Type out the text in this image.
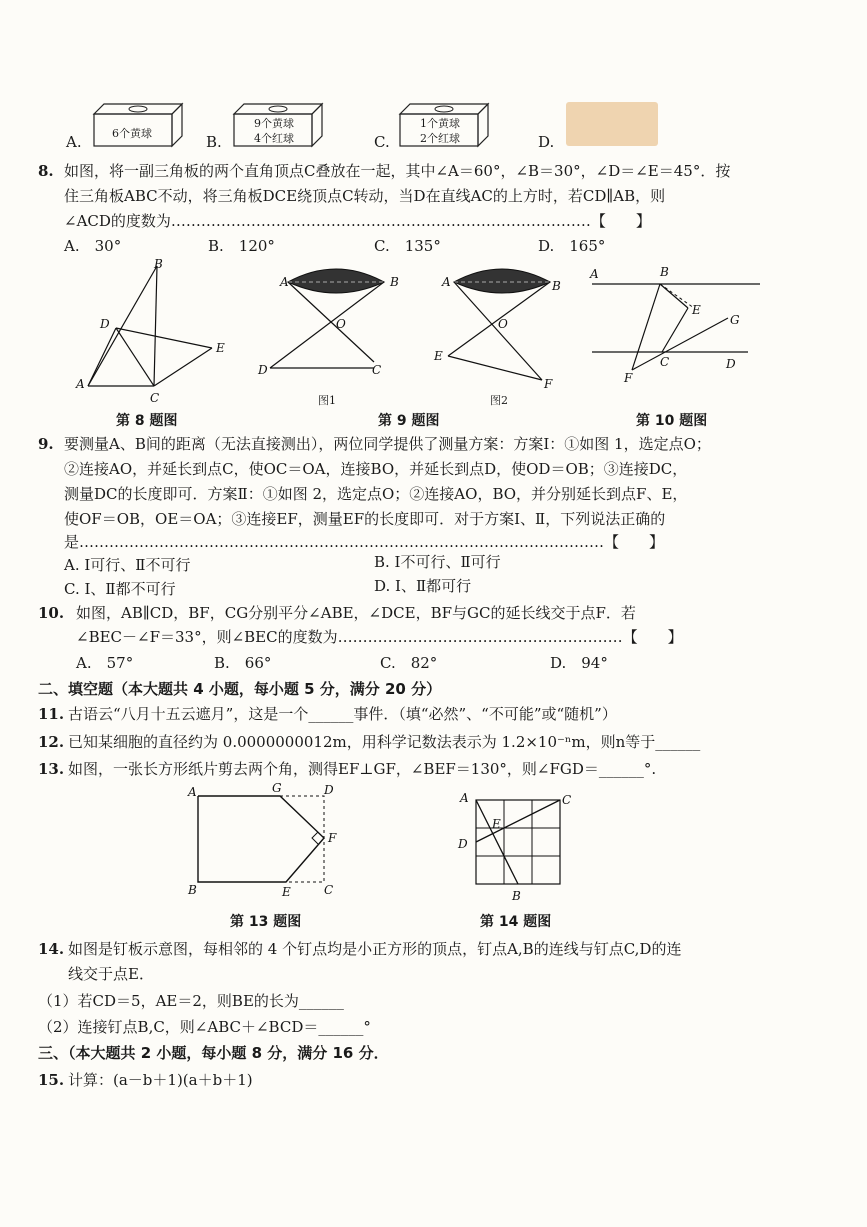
A.	6个黄球	B.
9个黄球
4个红球	C.
1个黄球
2个红球	D.
8. 如图，将一副三角板的两个直角顶点C叠放在一起，其中∠A＝60°，∠B＝30°，∠D＝∠E＝45°．按
住三角板ABC不动，将三角板DCE绕顶点C转动，当D在直线AC的上方时，若CD∥AB，则
∠ACD的度数为…………………………………………………………………………【　　】
A.　30°	B.　120°	C.　135°	D.　165°
B
D
E
A
C
第 8 题图
A	B
O
D	C
图1
A	B
O
E
F
图2
第 9 题图
A	B
E
G
C	D
F
第 10 题图
9. 要测量A、B间的距离（无法直接测出），两位同学提供了测量方案：方案Ⅰ：①如图 1，选定点O；
②连接AO，并延长到点C，使OC＝OA，连接BO，并延长到点D，使OD＝OB；③连接DC，
测量DC的长度即可．方案Ⅱ：①如图 2，选定点O；②连接AO，BO，并分别延长到点F、E，
使OF＝OB，OE＝OA；③连接EF，测量EF的长度即可．对于方案Ⅰ、Ⅱ，下列说法正确的
是……………………………………………………………………………………………【　　】
A. Ⅰ可行、Ⅱ不可行	B. Ⅰ不可行、Ⅱ可行
C. Ⅰ、Ⅱ都不可行	D. Ⅰ、Ⅱ都可行
10. 如图，AB∥CD，BF，CG分别平分∠ABE，∠DCE，BF与GC的延长线交于点F．若
∠BEC－∠F＝33°，则∠BEC的度数为…………………………………………………【　　】
A.　57°	B.　66°	C.　82°	D.　94°
二、填空题（本大题共 4 小题，每小题 5 分，满分 20 分）
11. 古语云“八月十五云遮月”，这是一个______事件．（填“必然”、“不可能”或“随机”）
12. 已知某细胞的直径约为 0.0000000012m，用科学记数法表示为 1.2×10⁻ⁿm，则n等于______
13. 如图，一张长方形纸片剪去两个角，测得EF⊥GF，∠BEF＝130°，则∠FGD＝______°.
A	G	D
F
B	E	C
第 13 题图
A	C
E
D
B
第 14 题图
14. 如图是钉板示意图，每相邻的 4 个钉点均是小正方形的顶点，钉点A,B的连线与钉点C,D的连
线交于点E．
（1）若CD＝5，AE＝2，则BE的长为______
（2）连接钉点B,C，则∠ABC＋∠BCD＝______°
三、（本大题共 2 小题，每小题 8 分，满分 16 分．
15. 计算：(a－b＋1)(a＋b＋1)
